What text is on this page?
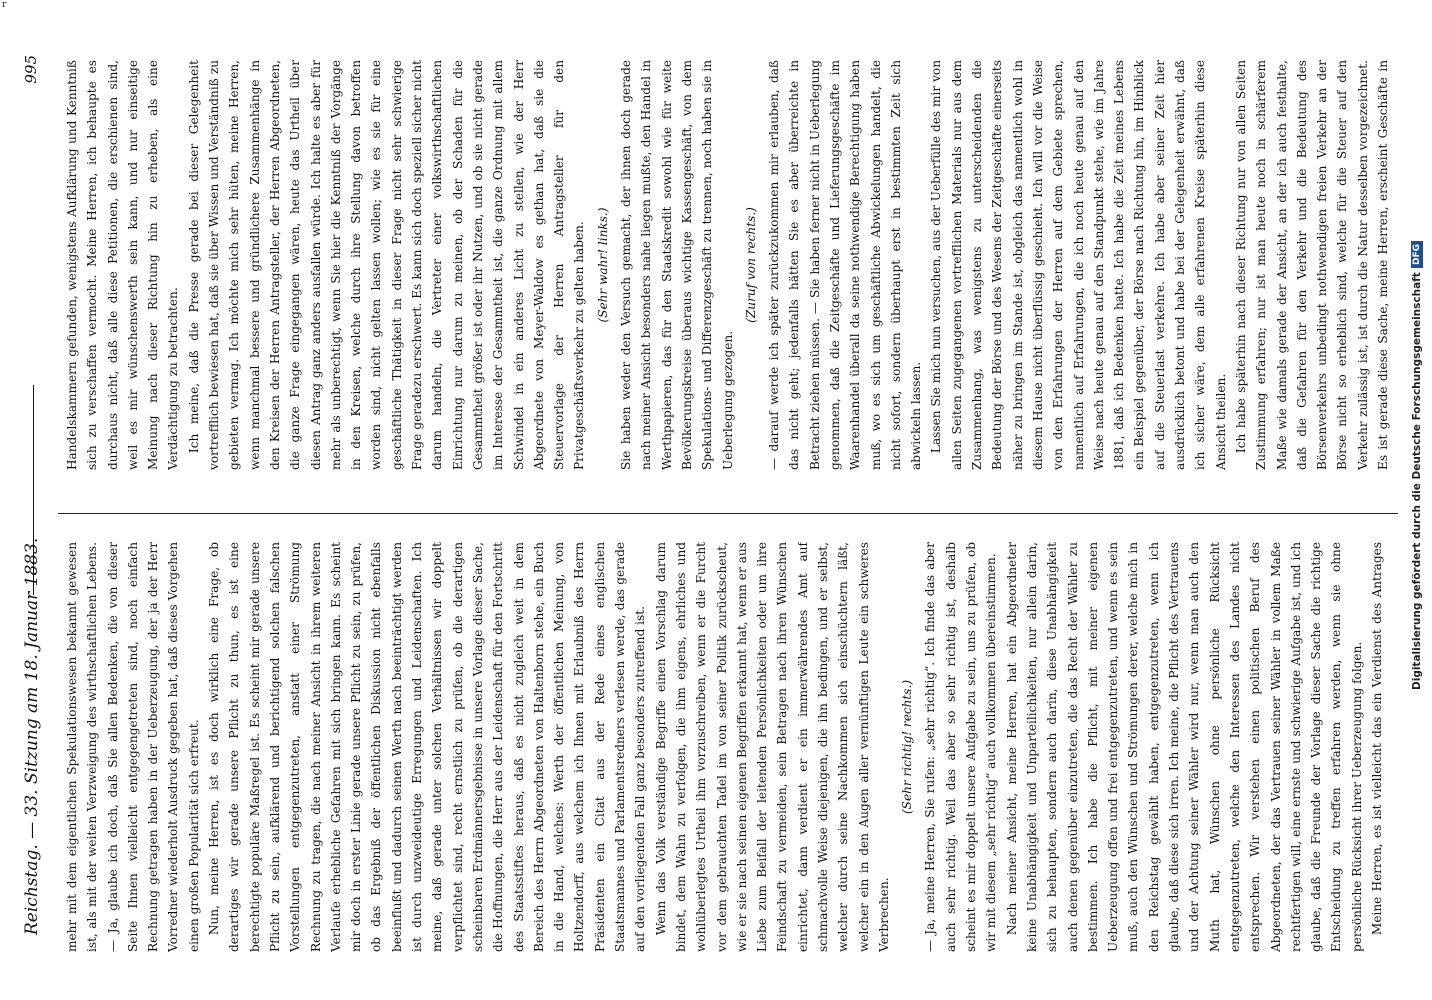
r
Reichstag. — 33. Sitzung am 18. Januar 1883.
995

mehr mit dem eigentlichen Spekulationswesen bekannt gewesen ist, als mit der weiten Verzweigung des wirthschaftlichen Lebens. — Ja, glaube ich doch, daß Sie allen Bedenken, die von dieser Seite Ihnen vielleicht entgegengetreten sind, noch einfach Rechnung getragen haben in der Ueberzeugung, der ja der Herr Vorredner wiederholt Ausdruck gegeben hat, daß dieses Vorgehen einen großen Popularität sich erfreut. Nun, meine Herren, ist es doch wirklich eine Frage, ob derartiges wir gerade unsere Pflicht zu thun, es ist eine berechtigte populäre Maßregel ist. Es scheint mir gerade unsere Pflicht zu sein, aufklärend und berichtigend solchen falschen Vorstellungen entgegenzutreten, anstatt einer Strömung Rechnung zu tragen, die nach meiner Ansicht in ihrem weiteren Verlaufe erhebliche Gefahren mit sich bringen kann. Es scheint mir doch in erster Linie gerade unsere Pflicht zu sein, zu prüfen, ob das Ergebniß der öffentlichen Diskussion nicht ebenfalls beeinflußt und dadurch seinen Werth nach beeinträchtigt werden ist durch unzweideutige Erregungen und Leidenschaften. Ich meine, daß gerade unter solchen Verhältnissen wir doppelt verpflichtet sind, recht ernstlich zu prüfen, ob die derartigen scheinbaren Erdmännersgebnisse in unsere Vorlage dieser Sache, die Hoffnungen, die Herr aus der Leidenschaft für den Fortschritt des Staatsstiftes heraus, daß es nicht zugleich weit in dem Bereich des Herrn Abgeordneten von Haltenborn stehe, ein Buch in die Hand, welches: Werth der öffentlichen Meinung, von Holtzendorff, aus welchem ich Ihnen mit Erlaubniß des Herrn Präsidenten ein Citat aus der Rede eines englischen Staatsmannes und Parlamentsredners verlesen werde, das gerade auf den vorliegenden Fall ganz besonders zutreffend ist. Wenn das Volk verständige Begriffe einen Vorschlag darum bindet, dem Wahn zu verfolgen, die ihm eigens, ehrliches und wohlüberlegtes Urtheil ihm vorzuschreiben, wenn er die Furcht vor dem gebrauchten Tadel im von seiner Politik zurückscheut, wie er sie nach seinen eigenen Begriffen erkannt hat, wenn er aus Liebe zum Beifall der leitenden Persönlichkeiten oder um ihre Feindschaft zu vermeiden, sein Betragen nach ihren Wünschen einrichtet, dann verdient er ein immerwährendes Amt auf schmachvolle Weise diejenigen, die ihn bedingen, und er selbst, welcher durch seine Nachkommen sich einschüchtern läßt, welcher ein in den Augen aller vernünftigen Leute ein schweres Verbrechen.

(Sehr richtig! rechts.) — Ja, meine Herren, Sie rufen: „sehr richtig“. Ich finde das aber auch sehr richtig. Weil das aber so sehr richtig ist, deshalb scheint es mir doppelt unsere Aufgabe zu sein, uns zu prüfen, ob wir mit diesem „sehr richtig“ auch vollkommen übereinstimmen. Nach meiner Ansicht, meine Herren, hat ein Abgeordneter keine Unabhängigkeit und Unparteilichkeiten, nur allein darin, sich zu behaupten, sondern auch darin, diese Unabhängigkeit auch denen gegenüber einzutreten, die das Recht der Wähler zu bestimmen. Ich habe die Pflicht, mit meiner eigenen Ueberzeugung offen und frei entgegenzutreten, und wenn es sein muß, auch den Wünschen und Strömungen derer, welche mich in den Reichstag gewählt haben, entgegenzutreten, wenn ich glaube, daß diese sich irren. Ich meine, die Pflicht des Vertrauens und der Achtung seiner Wähler wird nur, wenn man auch den Muth hat, Wünschen ohne persönliche Rücksicht entgegenzutreten, welche den Interessen des Landes nicht entsprechen. Wir verstehen einen politischen Beruf des Abgeordneten, der das Vertrauen seiner Wähler in vollem Maße rechtfertigen will, eine ernste und schwierige Aufgabe ist, und ich glaube, daß die Freunde der Vorlage dieser Sache die richtige Entscheidung zu treffen erfahren werden, wenn sie ohne persönliche Rücksicht ihrer Ueberzeugung folgen. Meine Herren, es ist vielleicht das ein Verdienst des Antrages

Handelskammern gefunden, wenigstens Aufklärung und Kenntniß sich zu verschaffen vermocht. Meine Herren, ich behaupte es durchaus nicht, daß alle diese Petitionen, die erschienen sind, weil es mir wünschenswerth sein kann, und nur einseitige Meinung nach dieser Richtung hin zu erheben, als eine Verdächtigung zu betrachten. Ich meine, daß die Presse gerade bei dieser Gelegenheit vortrefflich bewiesen hat, daß sie über Wissen und Verständniß zu gebieten vermag. Ich möchte mich sehr hüten, meine Herren, wenn manchmal bessere und gründlichere Zusammenhänge in den Kreisen der Herren Antragsteller, der Herren Abgeordneten, die ganze Frage eingegangen wären, heute das Urtheil über diesen Antrag ganz anders ausfallen würde. Ich halte es aber für mehr als unberechtigt, wenn Sie hier die Kenntniß der Vorgänge in den Kreisen, welche durch ihre Stellung davon betroffen worden sind, nicht gelten lassen wollen; wie es sie für eine geschäftliche Thätigkeit in dieser Frage nicht sehr schwierige Frage geradezu erschwert. Es kann sich doch speziell sicher nicht darum handeln, die Vertreter einer volkswirthschaftlichen Einrichtung nur darum zu meinen, ob der Schaden für die Gesammtheit größer ist oder ihr Nutzen, und ob sie nicht gerade im Interesse der Gesammtheit ist, die ganze Ordnung mit allem Schwindel in ein anderes Licht zu stellen, wie der Herr Abgeordnete von Meyer-Waldow es gethan hat, daß sie die Steuervorlage der Herren Antragsteller für den Privatgeschäftsverkehr zu gelten haben. (Sehr wahr! links.) Sie haben weder den Versuch gemacht, der ihnen doch gerade nach meiner Ansicht besonders nahe liegen mußte, den Handel in Werthpapieren, das für den Staatskredit sowohl wie für weite Bevölkerungskreise überaus wichtige Kassengeschäft, von dem Spekulations- und Differenzgeschäft zu trennen, noch haben sie in Ueberlegung gezogen.

(Zuruf von rechts.) — darauf werde ich später zurückzukommen mir erlauben, daß das nicht geht; jedenfalls hätten Sie es aber überreichte in Betracht ziehen müssen. — Sie haben ferner nicht in Ueberlegung genommen, daß die Zeitgeschäfte und Lieferungsgeschäfte im Waarenhandel überall da seine nothwendige Berechtigung haben muß, wo es sich um geschäftliche Abwickelungen handelt, die nicht sofort, sondern überhaupt erst in bestimmten Zeit sich abwickeln lassen. Lassen Sie mich nun versuchen, aus der Ueberfülle des mir von allen Seiten zugegangenen vortrefflichen Materials nur aus dem Zusammenhang, was wenigstens zu unterscheidenden die Bedeutung der Börse und des Wesens der Zeitgeschäfte einerseits näher zu bringen im Stande ist, obgleich das namentlich wohl in diesem Hause nicht überflüssig geschieht. Ich will vor die Weise von den Erfahrungen der Herren auf dem Gebiete sprechen, namentlich auf Erfahrungen, die ich noch heute genau auf den Weise nach heute genau auf den Standpunkt stehe, wie im Jahre 1881, daß ich Bedenken hatte. Ich habe die Zeit meines Lebens ein Beispiel gegenüber, der Börse nach Richtung hin, im Hinblick auf die Steuerlast verkehre. Ich habe aber seiner Zeit hier ausdrücklich betont und habe bei der Gelegenheit erwähnt, daß ich sicher wäre, dem alle erfahrenen Kreise späterhin diese Ansicht theilen. Ich habe späterhin nach dieser Richtung nur von allen Seiten Zustimmung erfahren; nur ist man heute noch in schärferem Maße wie damals gerade der Ansicht, an der ich auch festhalte, daß die Gefahren für den Verkehr und die Bedeutung des Börsenverkehrs unbedingt nothwendigen freien Verkehr an der Börse nicht so erheblich sind, welche für die Steuer auf den Verkehr zulässig ist, ist durch die Natur desselben vorgezeichnet. Es ist gerade diese Sache, meine Herren, erscheint Geschäfte in

Digitalisierung gefördert durch die Deutsche Forschungsgemeinschaft
DFG
